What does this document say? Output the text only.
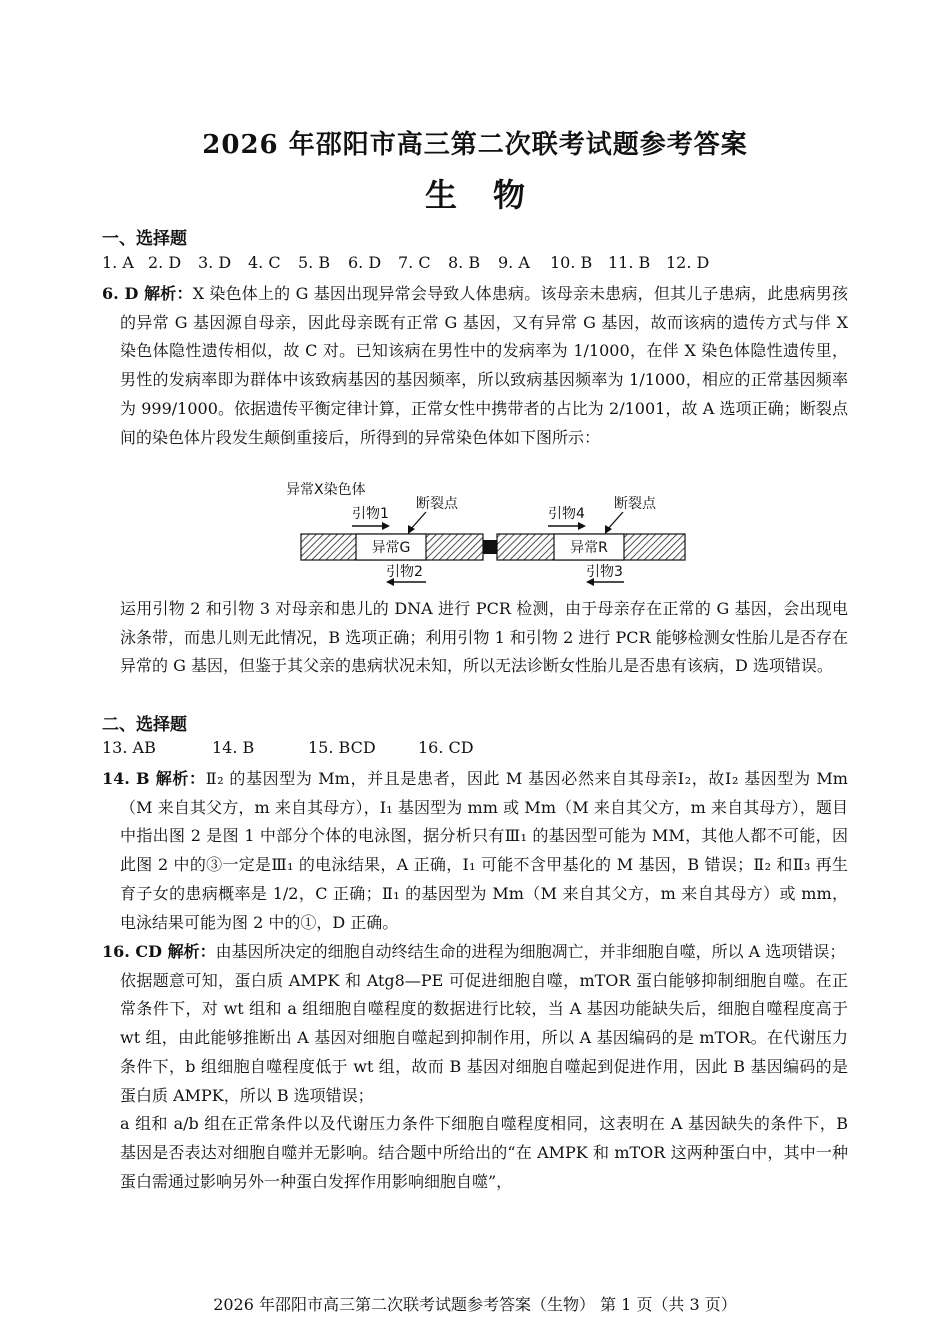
2026 年邵阳市高三第二次联考试题参考答案
生物
一、选择题
1. A 2. D 3. D 4. C 5. B 6. D 7. C 8. B 9. A 10. B 11. B 12. D

6. D 解析：X 染色体上的 G 基因出现异常会导致人体患病。该母亲未患病，但其儿子患病，此患病男孩的异常 G 基因源自母亲，因此母亲既有正常 G 基因，又有异常 G 基因，故而该病的遗传方式与伴 X 染色体隐性遗传相似，故 C 对。已知该病在男性中的发病率为 1/1000，在伴 X 染色体隐性遗传里，男性的发病率即为群体中该致病基因的基因频率，所以致病基因频率为 1/1000，相应的正常基因频率为 999/1000。依据遗传平衡定律计算，正常女性中携带者的占比为 2/1001，故 A 选项正确；断裂点间的染色体片段发生颠倒重接后，所得到的异常染色体如下图所示：

异常X染色体
引物1
断裂点
引物4
断裂点
异常G	异常R
引物2	引物3

运用引物 2 和引物 3 对母亲和患儿的 DNA 进行 PCR 检测，由于母亲存在正常的 G 基因，会出现电泳条带，而患儿则无此情况，B 选项正确；利用引物 1 和引物 2 进行 PCR 能够检测女性胎儿是否存在异常的 G 基因，但鉴于其父亲的患病状况未知，所以无法诊断女性胎儿是否患有该病，D 选项错误。

二、选择题
13. AB	14. B	15. BCD	16. CD

14. B 解析：Ⅱ₂ 的基因型为 Mm，并且是患者，因此 M 基因必然来自其母亲Ⅰ₂，故Ⅰ₂ 基因型为 Mm（M 来自其父方，m 来自其母方），Ⅰ₁ 基因型为 mm 或 Mm（M 来自其父方，m 来自其母方），题目中指出图 2 是图 1 中部分个体的电泳图，据分析只有Ⅲ₁ 的基因型可能为 MM，其他人都不可能，因此图 2 中的③一定是Ⅲ₁ 的电泳结果，A 正确，Ⅰ₁ 可能不含甲基化的 M 基因，B 错误；Ⅱ₂ 和Ⅱ₃ 再生育子女的患病概率是 1/2，C 正确；Ⅱ₁ 的基因型为 Mm（M 来自其父方，m 来自其母方）或 mm，电泳结果可能为图 2 中的①，D 正确。

16. CD 解析：由基因所决定的细胞自动终结生命的进程为细胞凋亡，并非细胞自噬，所以 A 选项错误；

依据题意可知，蛋白质 AMPK 和 Atg8—PE 可促进细胞自噬，mTOR 蛋白能够抑制细胞自噬。在正常条件下，对 wt 组和 a 组细胞自噬程度的数据进行比较，当 A 基因功能缺失后，细胞自噬程度高于 wt 组，由此能够推断出 A 基因对细胞自噬起到抑制作用，所以 A 基因编码的是 mTOR。在代谢压力条件下，b 组细胞自噬程度低于 wt 组，故而 B 基因对细胞自噬起到促进作用，因此 B 基因编码的是蛋白质 AMPK，所以 B 选项错误；

a 组和 a/b 组在正常条件以及代谢压力条件下细胞自噬程度相同，这表明在 A 基因缺失的条件下，B 基因是否表达对细胞自噬并无影响。结合题中所给出的“在 AMPK 和 mTOR 这两种蛋白中，其中一种蛋白需通过影响另外一种蛋白发挥作用影响细胞自噬”，

2026 年邵阳市高三第二次联考试题参考答案（生物） 第 1 页（共 3 页）
